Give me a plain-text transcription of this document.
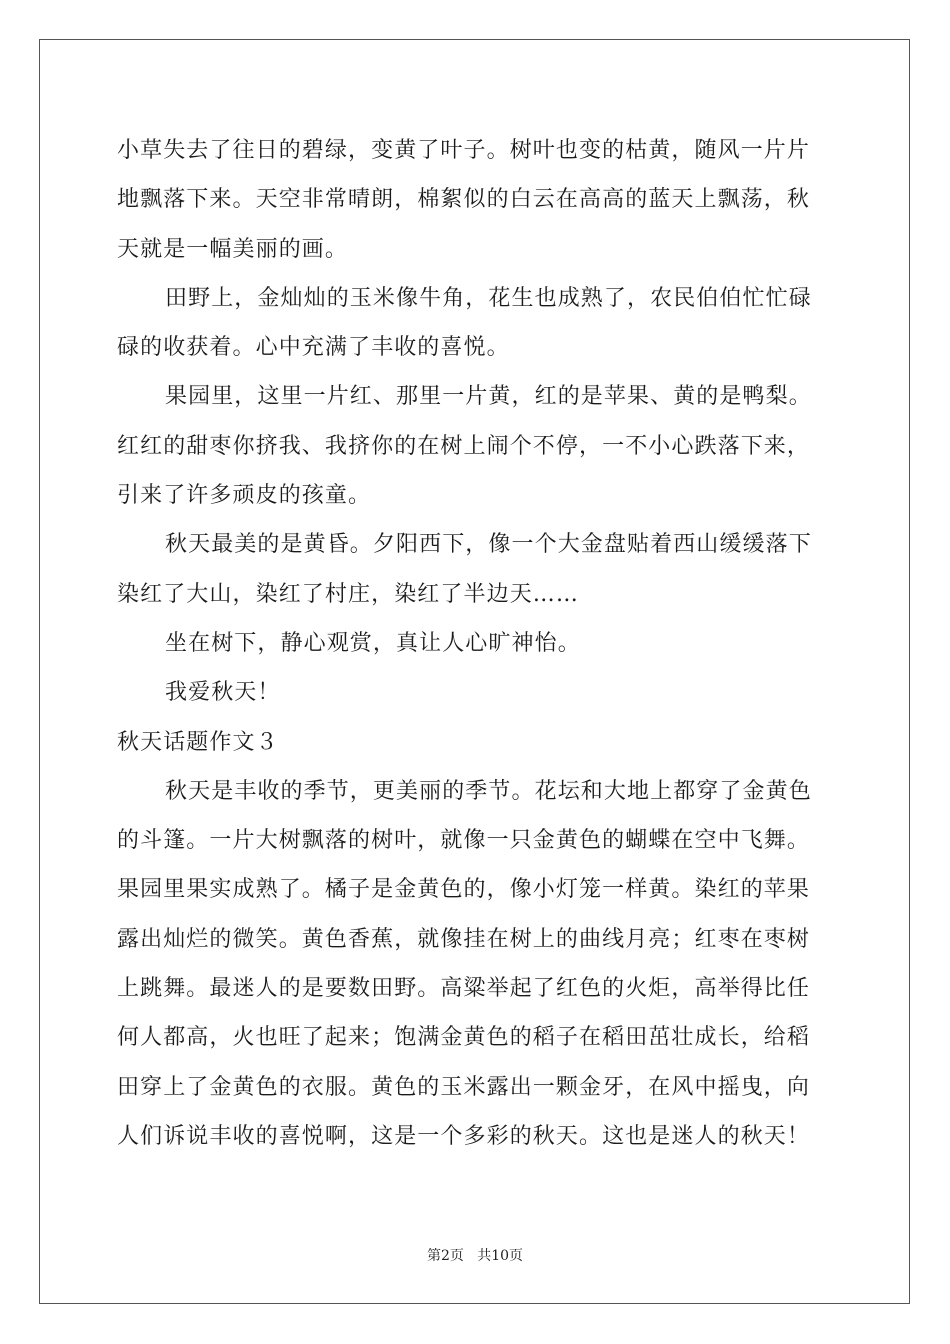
小草失去了往日的碧绿，变黄了叶子。树叶也变的枯黄，随风一片片
地飘落下来。天空非常晴朗，棉絮似的白云在高高的蓝天上飘荡，秋
天就是一幅美丽的画。
田野上，金灿灿的玉米像牛角，花生也成熟了，农民伯伯忙忙碌
碌的收获着。心中充满了丰收的喜悦。
果园里，这里一片红、那里一片黄，红的是苹果、黄的是鸭梨。
红红的甜枣你挤我、我挤你的在树上闹个不停，一不小心跌落下来，
引来了许多顽皮的孩童。
秋天最美的是黄昏。夕阳西下，像一个大金盘贴着西山缓缓落下
染红了大山，染红了村庄，染红了半边天……
坐在树下，静心观赏，真让人心旷神怡。
我爱秋天！
秋天话题作文３
秋天是丰收的季节，更美丽的季节。花坛和大地上都穿了金黄色
的斗篷。一片大树飘落的树叶，就像一只金黄色的蝴蝶在空中飞舞。
果园里果实成熟了。橘子是金黄色的，像小灯笼一样黄。染红的苹果
露出灿烂的微笑。黄色香蕉，就像挂在树上的曲线月亮；红枣在枣树
上跳舞。最迷人的是要数田野。高粱举起了红色的火炬，高举得比任
何人都高，火也旺了起来；饱满金黄色的稻子在稻田茁壮成长，给稻
田穿上了金黄色的衣服。黄色的玉米露出一颗金牙，在风中摇曳，向
人们诉说丰收的喜悦啊，这是一个多彩的秋天。这也是迷人的秋天！
第2页   共10页
